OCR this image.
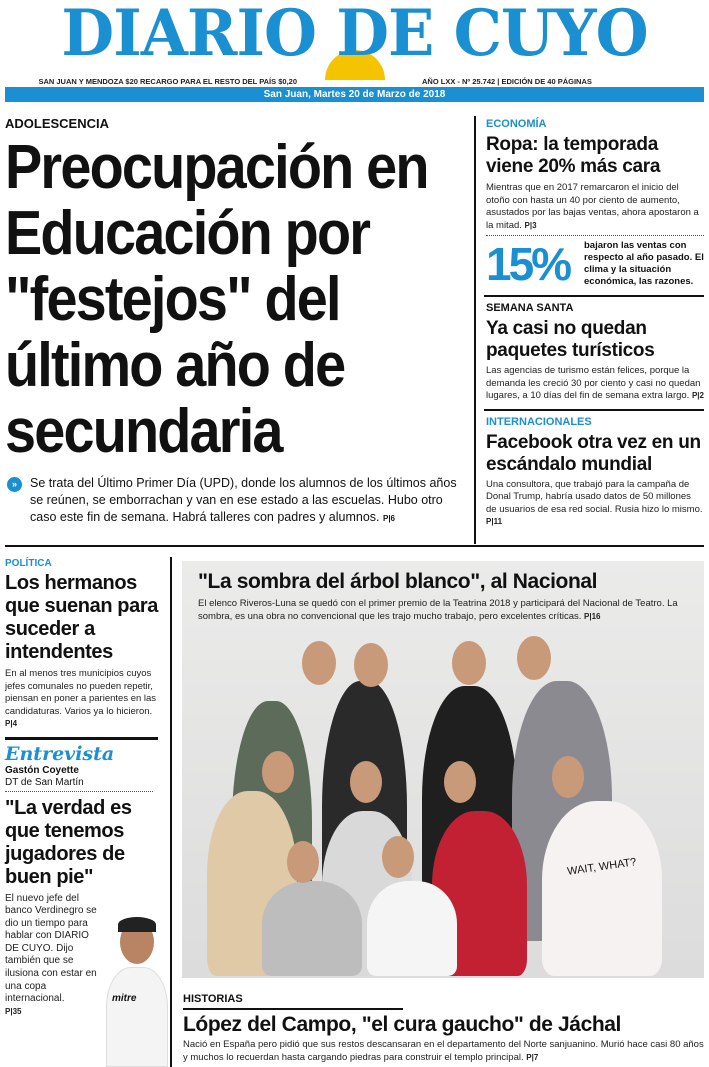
DIARIO DE CUYO
SAN JUAN Y MENDOZA $20 RECARGO PARA EL RESTO DEL PAÍS $0,20	AÑO LXX - Nº 25.742 | EDICIÓN DE 40 PÁGINAS
San Juan, Martes 20 de Marzo de 2018
ADOLESCENCIA
Preocupación en Educación por "festejos" del último año de secundaria
»	Se trata del Último Primer Día (UPD), donde los alumnos de los últimos años se reúnen, se emborrachan y van en ese estado a las escuelas. Hubo otro caso este fin de semana. Habrá talleres con padres y alumnos. P|6
ECONOMÍA
Ropa: la temporada viene 20% más cara
Mientras que en 2017 remarcaron el inicio del otoño con hasta un 40 por ciento de aumento, asustados por las bajas ventas, ahora apostaron a la mitad. P|3
15%	bajaron las ventas con respecto al año pasado. El clima y la situación económica, las razones.
SEMANA SANTA
Ya casi no quedan paquetes turísticos
Las agencias de turismo están felices, porque la demanda les creció 30 por ciento y casi no quedan lugares, a 10 días del fin de semana extra largo. P|2
INTERNACIONALES
Facebook otra vez en un escándalo mundial
Una consultora, que trabajó para la campaña de Donal Trump, habría usado datos de 50 millones de usuarios de esa red social. Rusia hizo lo mismo. P|11
POLÍTICA
Los hermanos que suenan para suceder a intendentes
En al menos tres municipios cuyos jefes comunales no pueden repetir, piensan en poner a parientes en las candidaturas. Varios ya lo hicieron. P|4
Entrevista
Gastón Coyette
DT de San Martín
"La verdad es que tenemos jugadores de buen pie"
El nuevo jefe del banco Verdinegro se dio un tiempo para hablar con DIARIO DE CUYO. Dijo también que se ilusiona con estar en una copa internacional.
P|35
mitre
WAIT, WHAT?
"La sombra del árbol blanco", al Nacional
El elenco Riveros-Luna se quedó con el primer premio de la Teatrina 2018 y participará del Nacional de Teatro. La sombra, es una obra no convencional que les trajo mucho trabajo, pero excelentes críticas. P|16
HISTORIAS
López del Campo, "el cura gaucho" de Jáchal
Nació en España pero pidió que sus restos descansaran en el departamento del Norte sanjuanino. Murió hace casi 80 años y muchos lo recuerdan hasta cargando piedras para construir el templo principal. P|7
